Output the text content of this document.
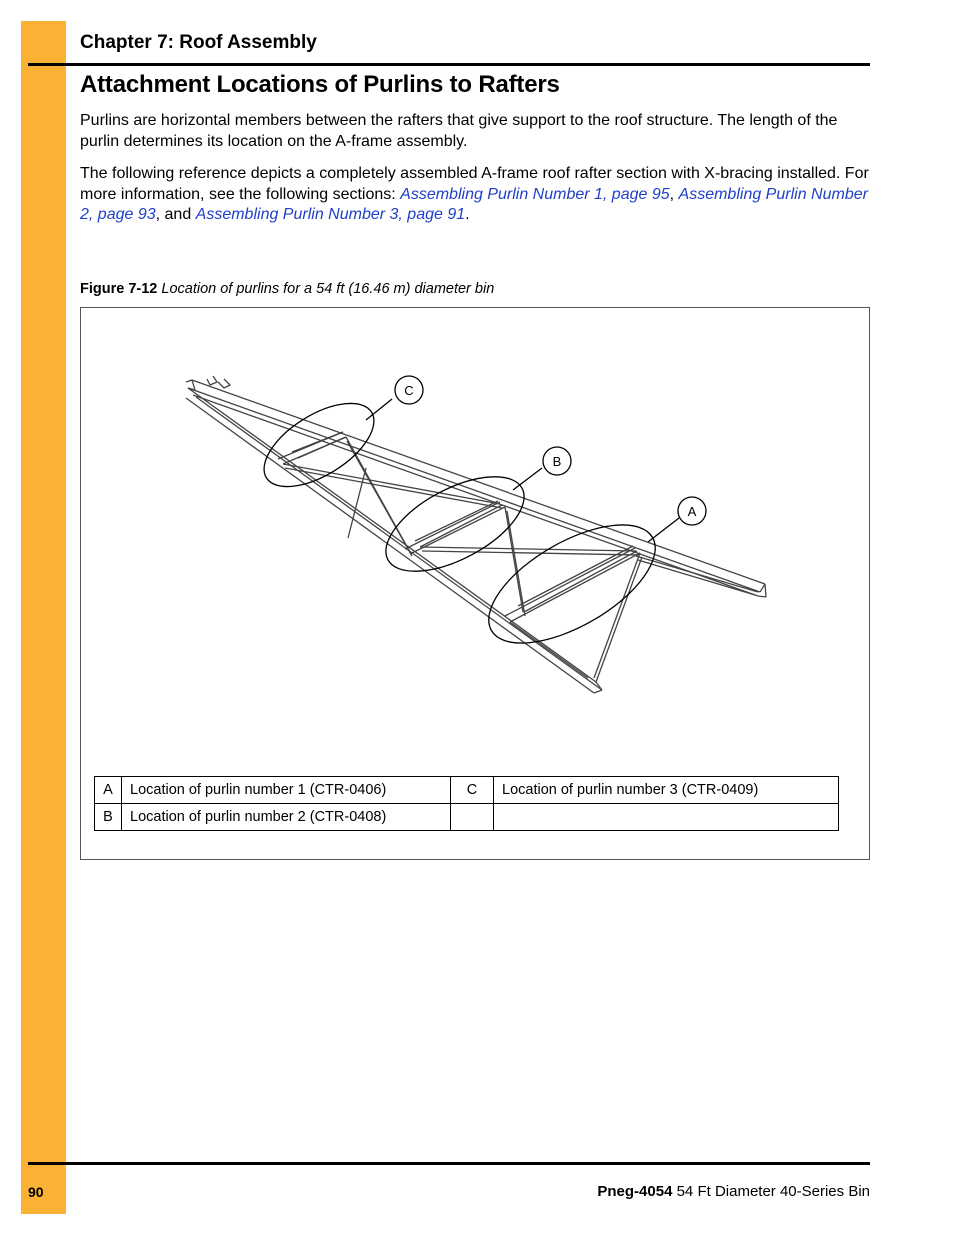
Chapter 7: Roof Assembly
Attachment Locations of Purlins to Rafters

Purlins are horizontal members between the rafters that give support to the roof structure. The length of the purlin determines its location on the A-frame assembly.

The following reference depicts a completely assembled A-frame roof rafter section with X-bracing installed. For more information, see the following sections: Assembling Purlin Number 1, page 95, Assembling Purlin Number 2, page 93, and Assembling Purlin Number 3, page 91.

Figure 7-12 Location of purlins for a 54 ft (16.46 m) diameter bin
C
B
A
A	Location of purlin number 1 (CTR-0406)	C	Location of purlin number 3 (CTR-0409)
B	Location of purlin number 2 (CTR-0408)		
90	Pneg-4054 54 Ft Diameter 40-Series Bin
